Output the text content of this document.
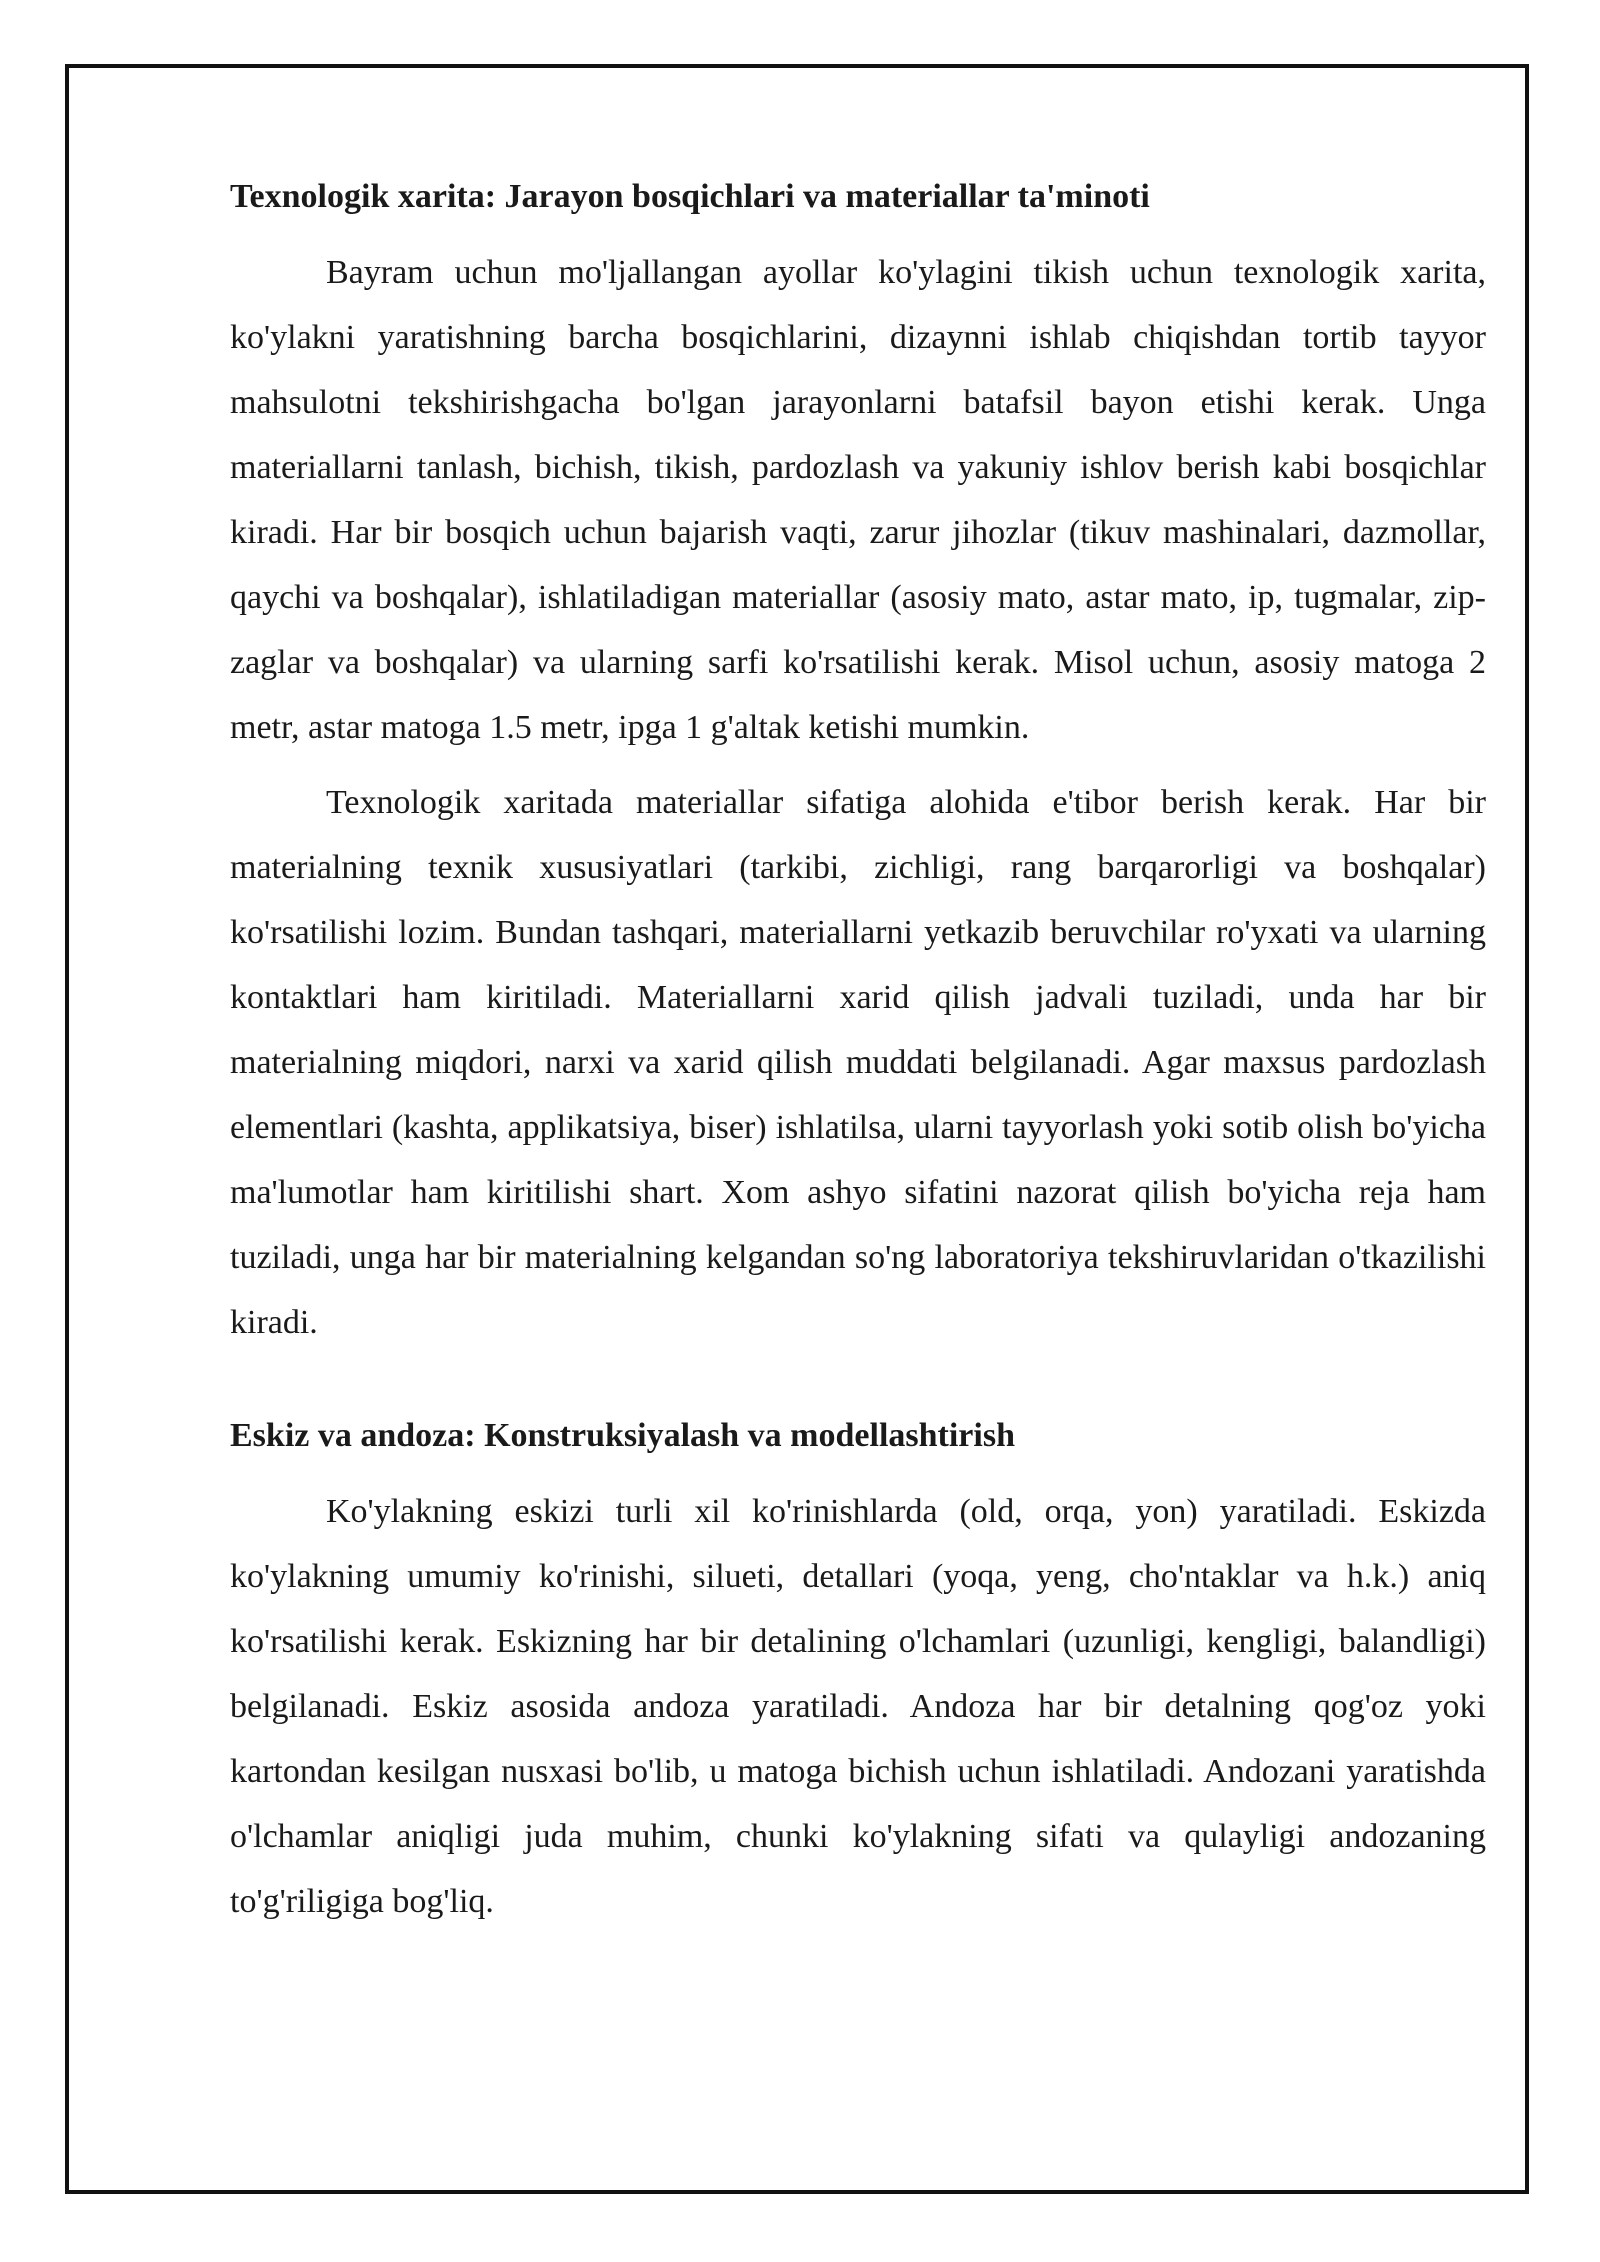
Texnologik xarita: Jarayon bosqichlari va materiallar ta'minoti

Bayram uchun mo'ljallangan ayollar ko'ylagini tikish uchun texnologik xarita, ko'ylakni yaratishning barcha bosqichlarini, dizaynni ishlab chiqishdan tortib tayyor mahsulotni tekshirishgacha bo'lgan jarayonlarni batafsil bayon etishi kerak. Unga materiallarni tanlash, bichish, tikish, pardozlash va yakuniy ishlov berish kabi bosqichlar kiradi. Har bir bosqich uchun bajarish vaqti, zarur jihozlar (tikuv mashinalari, dazmollar, qaychi va boshqalar), ishlatiladigan materiallar (asosiy mato, astar mato, ip, tugmalar, zip-zaglar va boshqalar) va ularning sarfi ko'rsatilishi kerak. Misol uchun, asosiy matoga 2 metr, astar matoga 1.5 metr, ipga 1 g'altak ketishi mumkin.

Texnologik xaritada materiallar sifatiga alohida e'tibor berish kerak. Har bir materialning texnik xususiyatlari (tarkibi, zichligi, rang barqarorligi va boshqalar) ko'rsatilishi lozim. Bundan tashqari, materiallarni yetkazib beruvchilar ro'yxati va ularning kontaktlari ham kiritiladi. Materiallarni xarid qilish jadvali tuziladi, unda har bir materialning miqdori, narxi va xarid qilish muddati belgilanadi. Agar maxsus pardozlash elementlari (kashta, applikatsiya, biser) ishlatilsa, ularni tayyorlash yoki sotib olish bo'yicha ma'lumotlar ham kiritilishi shart. Xom ashyo sifatini nazorat qilish bo'yicha reja ham tuziladi, unga har bir materialning kelgandan so'ng laboratoriya tekshiruvlaridan o'tkazilishi kiradi.

Eskiz va andoza: Konstruksiyalash va modellashtirish

Ko'ylakning eskizi turli xil ko'rinishlarda (old, orqa, yon) yaratiladi. Eskizda ko'ylakning umumiy ko'rinishi, silueti, detallari (yoqa, yeng, cho'ntaklar va h.k.) aniq ko'rsatilishi kerak. Eskizning har bir detalining o'lchamlari (uzunligi, kengligi, balandligi) belgilanadi. Eskiz asosida andoza yaratiladi. Andoza har bir detalning qog'oz yoki kartondan kesilgan nusxasi bo'lib, u matoga bichish uchun ishlatiladi. Andozani yaratishda o'lchamlar aniqligi juda muhim, chunki ko'ylakning sifati va qulayligi andozaning to'g'riligiga bog'liq.
